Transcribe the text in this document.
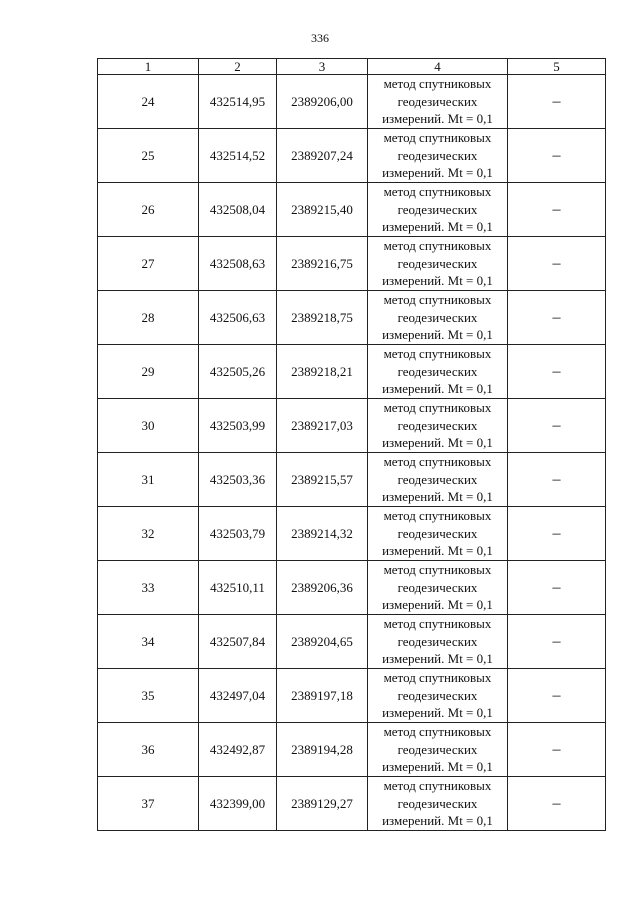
336
1	2	3	4	5
24	432514,95	2389206,00	метод спутниковых
геодезических
измерений. Mt = 0,1	–
25	432514,52	2389207,24	метод спутниковых
геодезических
измерений. Mt = 0,1	–
26	432508,04	2389215,40	метод спутниковых
геодезических
измерений. Mt = 0,1	–
27	432508,63	2389216,75	метод спутниковых
геодезических
измерений. Mt = 0,1	–
28	432506,63	2389218,75	метод спутниковых
геодезических
измерений. Mt = 0,1	–
29	432505,26	2389218,21	метод спутниковых
геодезических
измерений. Mt = 0,1	–
30	432503,99	2389217,03	метод спутниковых
геодезических
измерений. Mt = 0,1	–
31	432503,36	2389215,57	метод спутниковых
геодезических
измерений. Mt = 0,1	–
32	432503,79	2389214,32	метод спутниковых
геодезических
измерений. Mt = 0,1	–
33	432510,11	2389206,36	метод спутниковых
геодезических
измерений. Mt = 0,1	–
34	432507,84	2389204,65	метод спутниковых
геодезических
измерений. Mt = 0,1	–
35	432497,04	2389197,18	метод спутниковых
геодезических
измерений. Mt = 0,1	–
36	432492,87	2389194,28	метод спутниковых
геодезических
измерений. Mt = 0,1	–
37	432399,00	2389129,27	метод спутниковых
геодезических
измерений. Mt = 0,1	–
